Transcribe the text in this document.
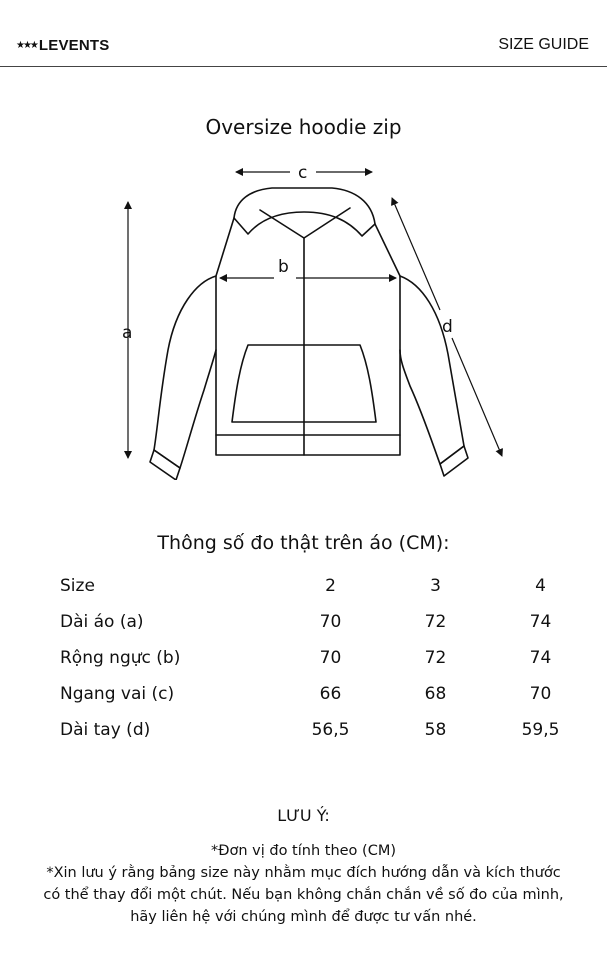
★★★ LEVENTS	SIZE GUIDE
Oversize hoodie zip
a
b
c
d
Thông số đo thật trên áo (CM):
Size	2	3	4
Dài áo (a)	70	72	74
Rộng ngực (b)	70	72	74
Ngang vai (c)	66	68	70
Dài tay (d)	56,5	58	59,5
LƯU Ý:

*Đơn vị đo tính theo (CM)

*Xin lưu ý rằng bảng size này nhằm mục đích hướng dẫn và kích thước có thể thay đổi một chút. Nếu bạn không chắn chắn về số đo của mình, hãy liên hệ với chúng mình để được tư vấn nhé.
